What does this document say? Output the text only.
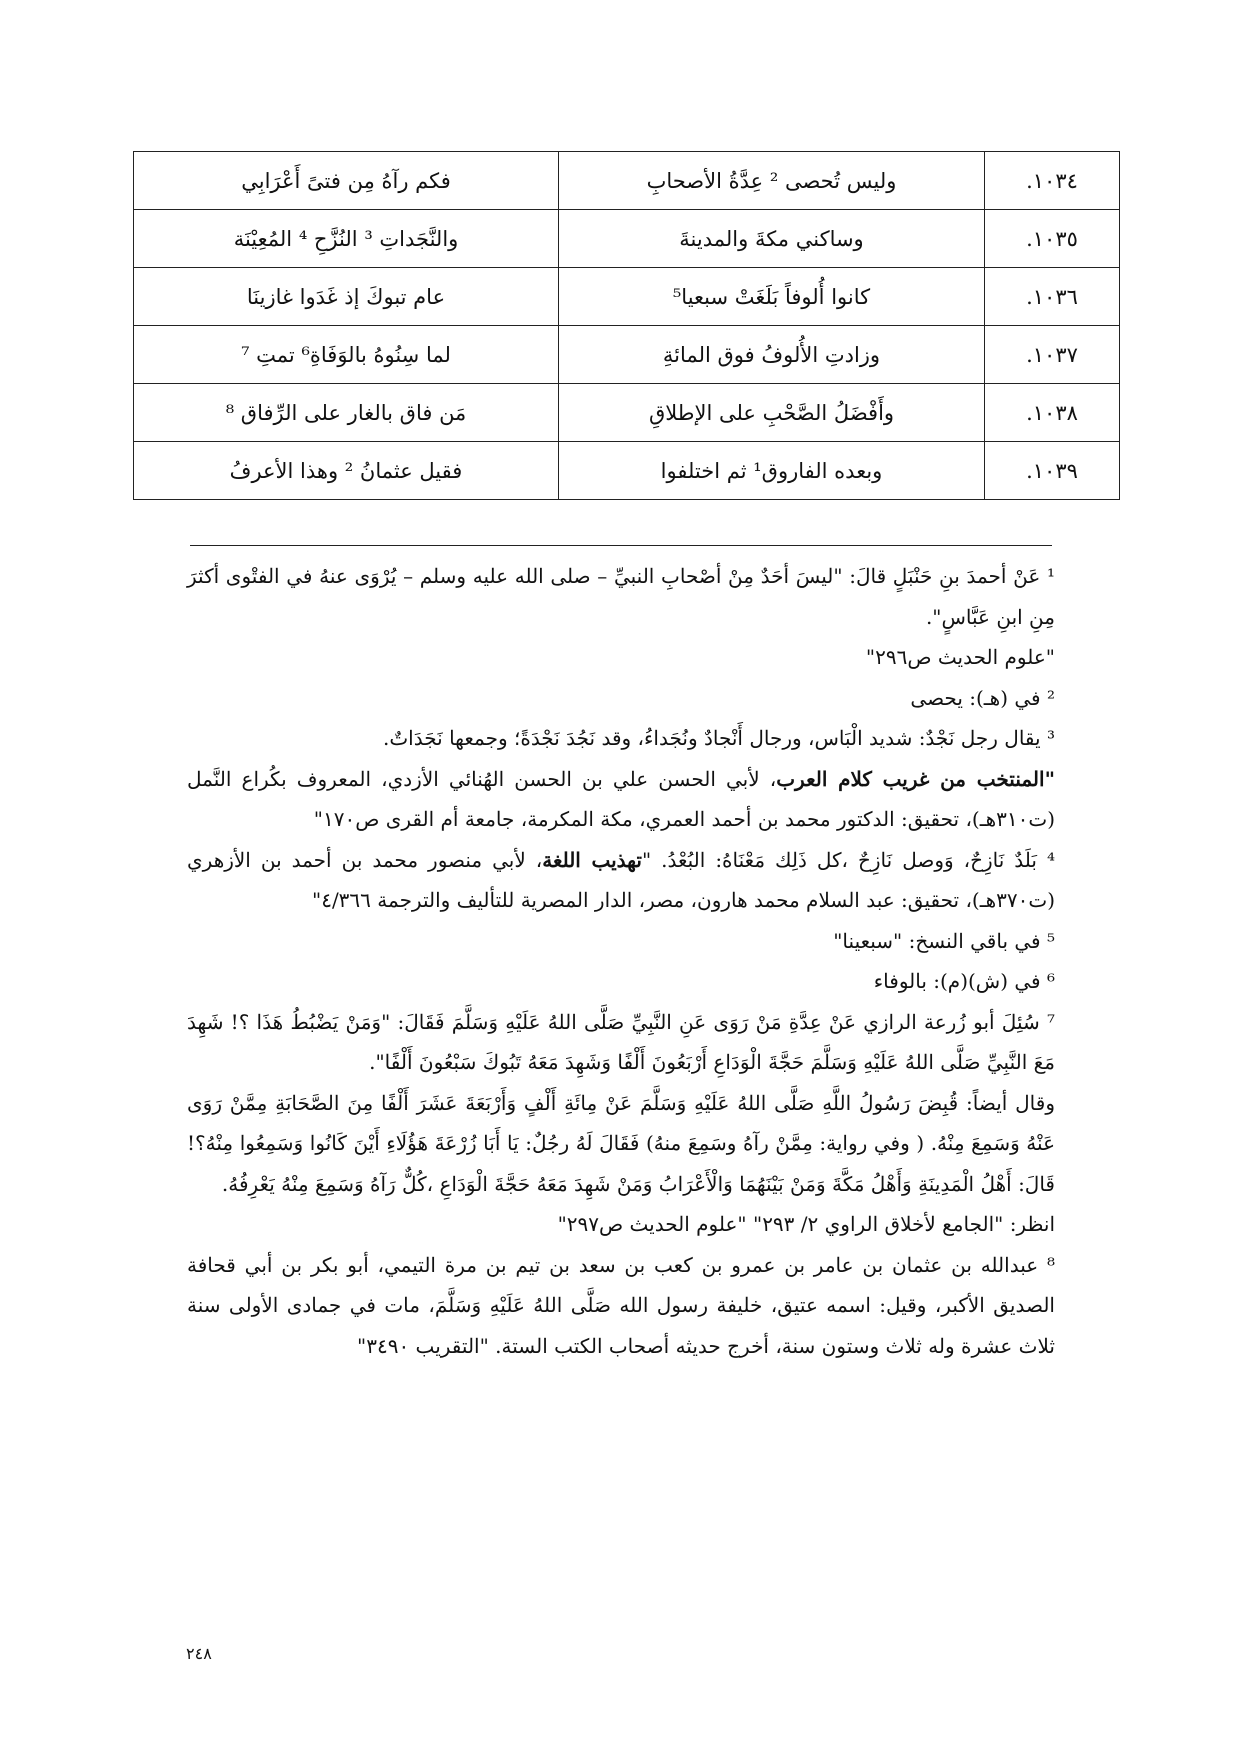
١٠٣٤.	وليس تُحصى ² عِدَّةُ الأصحابِ	فكم رآهُ مِن فتىً أَعْرَابِي
١٠٣٥.	وساكني مكةَ والمدينةَ	والنَّجَداتِ ³ النُزَّحِ ⁴ المُعِيْنَة
١٠٣٦.	كانوا أُلوفاً بَلَغَتْ سبعيا⁵	عام تبوكَ إذ غَدَوا غازينَا
١٠٣٧.	وزادتِ الأُلوفُ فوق المائةِ	لما سِنُوهُ بالوَفَاةِ⁶ تمتِ ⁷
١٠٣٨.	وأَفْضَلُ الصَّحْبِ على الإطلاقِ	مَن فاق بالغار على الرِّفاق ⁸
١٠٣٩.	وبعده الفاروق¹ ثم اختلفوا	فقيل عثمانُ ² وهذا الأعرفُ

¹ عَنْ أحمدَ بنِ حَنْبَلٍ قالَ: "ليسَ أحَدٌ مِنْ أصْحابِ النبيِّ – صلى الله عليه وسلم – يُرْوَى عنهُ في الفتْوى أكثرَ مِنِ ابنِ عَبَّاسٍ".

"علوم الحديث ص٢٩٦"

² في (هـ): يحصى

³ يقال رجل نَجْدٌ: شديد الْبَاس، ورجال أَنْجادٌ ونُجَداءُ، وقد نَجُدَ نَجْدَةً؛ وجمعها نَجَدَاتٌ.

"المنتخب من غريب كلام العرب، لأبي الحسن علي بن الحسن الهُنائي الأزدي، المعروف بكُراع النَّمل (ت٣١٠هـ)، تحقيق: الدكتور محمد بن أحمد العمري، مكة المكرمة، جامعة أم القرى ص١٧٠"

⁴ بَلَدٌ نَازِحٌ، وَوصل نَازِحٌ ،كل ذَلِك مَعْنَاهُ: البُعْدُ. "تهذيب اللغة، لأبي منصور محمد بن أحمد بن الأزهري (ت٣٧٠هـ)، تحقيق: عبد السلام محمد هارون، مصر، الدار المصرية للتأليف والترجمة ٤/٣٦٦"

⁵ في باقي النسخ: "سبعينا"

⁶ في (ش)(م): بالوفاء

⁷ سُئِلَ أبو زُرعة الرازي عَنْ عِدَّةِ مَنْ رَوَى عَنِ النَّبِيِّ صَلَّى اللهُ عَلَيْهِ وَسَلَّمَ فَقَالَ: "وَمَنْ يَضْبُطُ هَذَا ؟! شَهِدَ مَعَ النَّبِيِّ صَلَّى اللهُ عَلَيْهِ وَسَلَّمَ حَجَّةَ الْوَدَاعِ أَرْبَعُونَ أَلْفًا وَشَهِدَ مَعَهُ تَبُوكَ سَبْعُونَ أَلْفًا".

وقال أيضاً: قُبِضَ رَسُولُ اللَّهِ صَلَّى اللهُ عَلَيْهِ وَسَلَّمَ عَنْ مِائَةِ أَلْفٍ وَأَرْبَعَةَ عَشَرَ أَلْفًا مِنَ الصَّحَابَةِ مِمَّنْ رَوَى عَنْهُ وَسَمِعَ مِنْهُ. ( وفي رواية: مِمَّنْ رآهُ وسَمِعَ منهُ) فَقَالَ لَهُ رجُلٌ: يَا أَبَا زُرْعَةَ هَؤُلَاءِ أَيْنَ كَانُوا وَسَمِعُوا مِنْهُ؟! قَالَ: أَهْلُ الْمَدِينَةِ وَأَهْلُ مَكَّةَ وَمَنْ بَيْنَهُمَا وَالْأَعْرَابُ وَمَنْ شَهِدَ مَعَهُ حَجَّةَ الْوَدَاعِ ،كُلٌّ رَآهُ وَسَمِعَ مِنْهُ يَعْرِفُهُ.

انظر: "الجامع لأخلاق الراوي ٢/ ٢٩٣" "علوم الحديث ص٢٩٧"

⁸ عبدالله بن عثمان بن عامر بن عمرو بن كعب بن سعد بن تيم بن مرة التيمي، أبو بكر بن أبي قحافة الصديق الأكبر، وقيل: اسمه عتيق، خليفة رسول الله صَلَّى اللهُ عَلَيْهِ وَسَلَّمَ، مات في جمادى الأولى سنة ثلاث عشرة وله ثلاث وستون سنة، أخرج حديثه أصحاب الكتب الستة. "التقريب ٣٤٩٠"

٢٤٨
